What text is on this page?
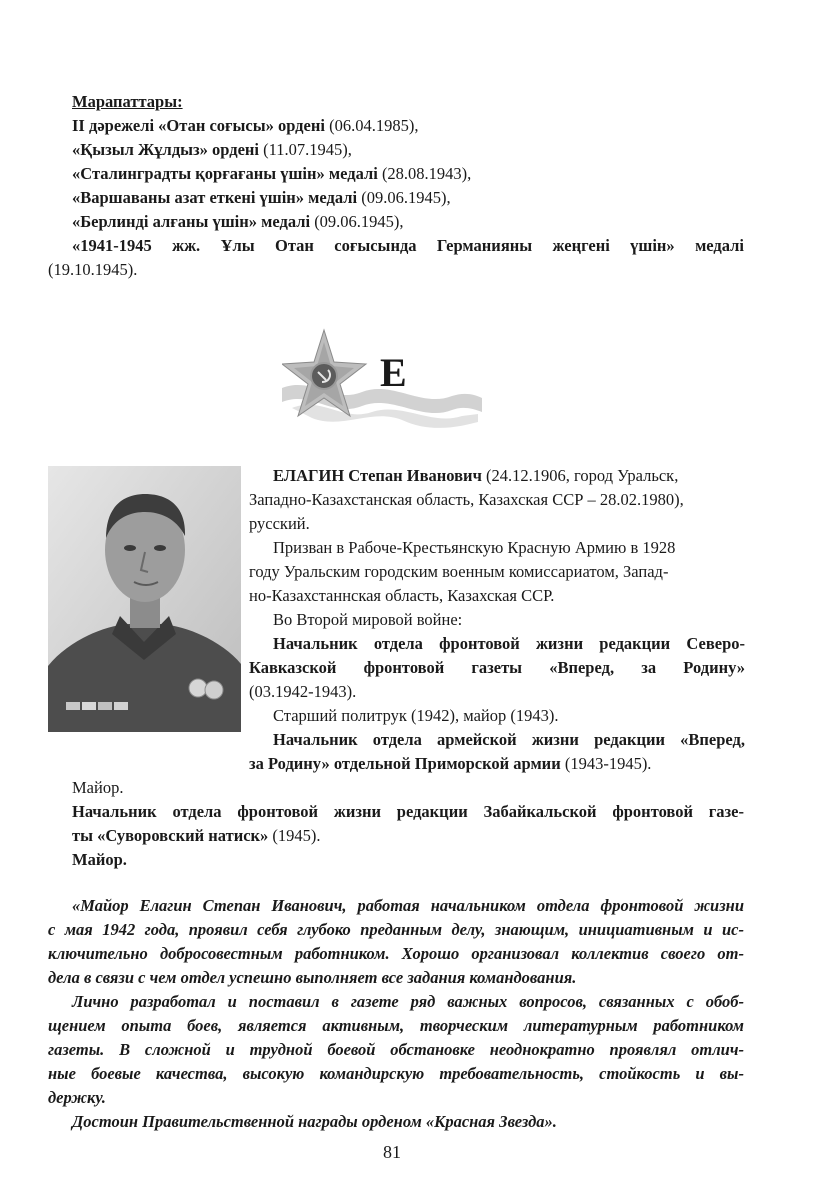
Марапаттары:
II дәрежелі «Отан соғысы» ордені (06.04.1985),
«Қызыл Жұлдыз» ордені (11.07.1945),
«Сталинградты қорғағаны үшін» медалі (28.08.1943),
«Варшаваны азат еткені үшін» медалі (09.06.1945),
«Берлинді алғаны үшін» медалі (09.06.1945),
«1941-1945 жж. Ұлы Отан соғысында Германияны жеңгені үшін» медалі
(19.10.1945).
Е
ЕЛАГИН Степан Иванович (24.12.1906, город Уральск,
Западно-Казахстанская область, Казахская ССР – 28.02.1980),
русский.
Призван в Рабоче-Крестьянскую Красную Армию в 1928
году Уральским городским военным комиссариатом, Запад-
но-Казахстаннская область, Казахская ССР.
Во Второй мировой войне:
Начальник отдела фронтовой жизни редакции Северо-
Кавказской фронтовой газеты «Вперед, за Родину»
(03.1942-1943).
Старший политрук (1942), майор (1943).
Начальник отдела армейской жизни редакции «Вперед,
за Родину» отдельной Приморской армии (1943-1945).
Майор.
Начальник отдела фронтовой жизни редакции Забайкальской фронтовой газе-
ты «Суворовский натиск» (1945).
Майор.
«Майор Елагин Степан Иванович, работая начальником отдела фронтовой жизни
с мая 1942 года, проявил себя глубоко преданным делу, знающим, инициативным и ис-
ключительно добросовестным работником. Хорошо организовал коллектив своего от-
дела в связи с чем отдел успешно выполняет все задания командования.
Лично разработал и поставил в газете ряд важных вопросов, связанных с обоб-
щением опыта боев, является активным, творческим литературным работником
газеты. В сложной и трудной боевой обстановке неоднократно проявлял отлич-
ные боевые качества, высокую командирскую требовательность, стойкость и вы-
держку.
Достоин Правительственной награды орденом «Красная Звезда».
81
